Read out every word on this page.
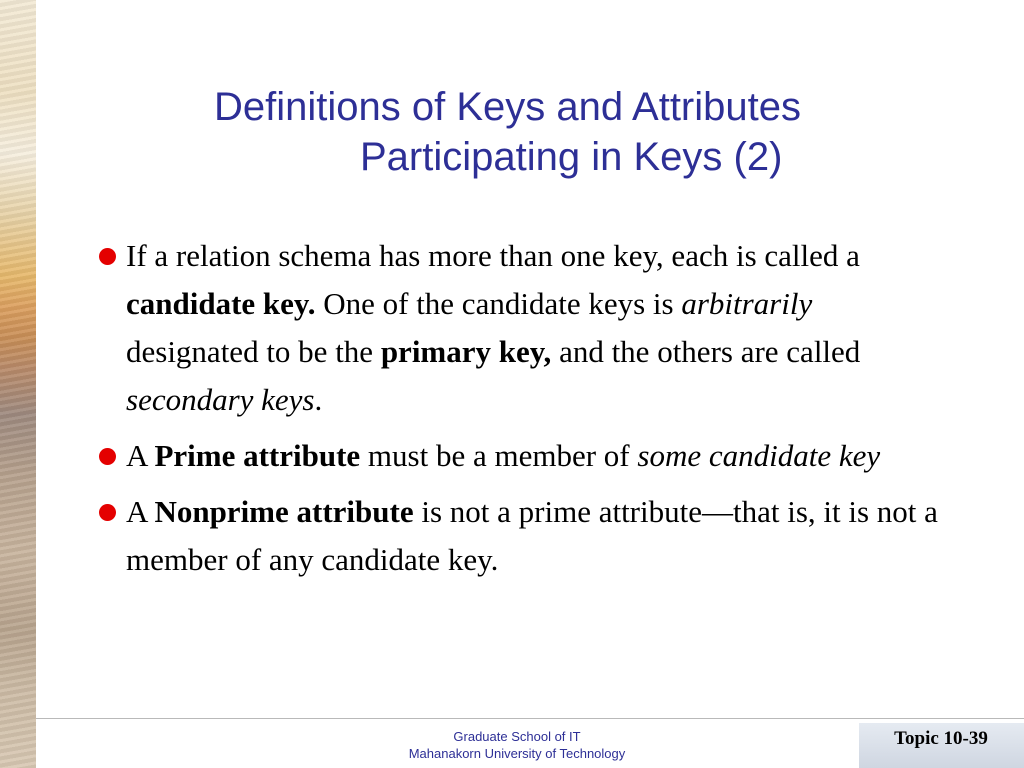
Definitions of Keys and Attributes
Participating in Keys (2)
If a relation schema has more than one key, each is called a candidate key. One of the candidate keys is arbitrarily designated to be the primary key, and the others are called secondary keys.
A Prime attribute must be a member of some candidate key
A Nonprime attribute is not a prime attribute—that is, it is not a member of any candidate key.
Graduate School of IT
Mahanakorn University of Technology
Topic 10-39
